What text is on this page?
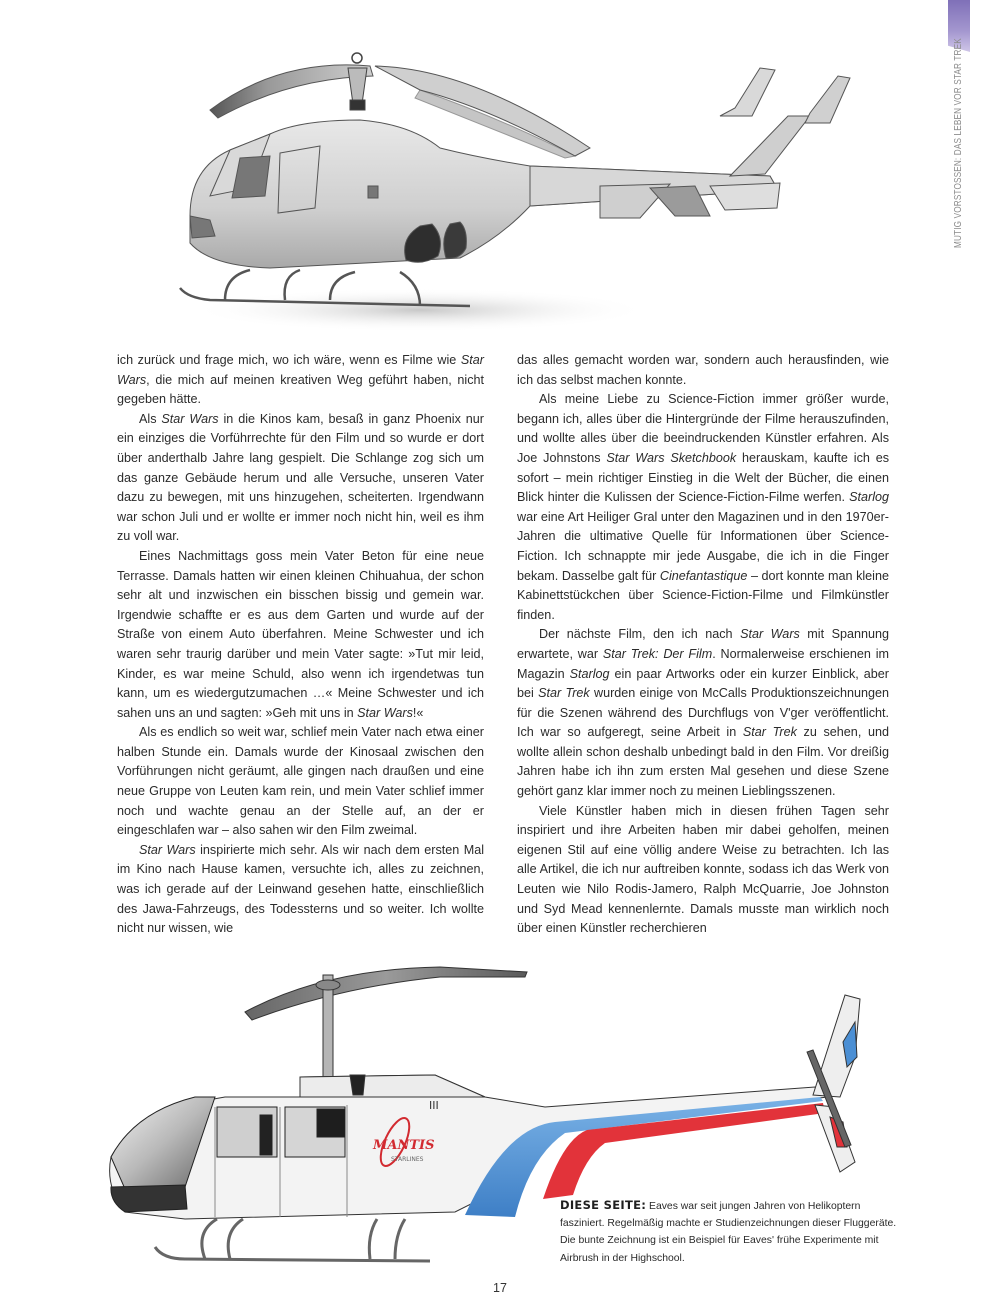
MUTIG VORSTOSSEN: DAS LEBEN VOR STAR TREK

ich zurück und frage mich, wo ich wäre, wenn es Filme wie Star Wars, die mich auf meinen kreativen Weg geführt haben, nicht gegeben hätte.

Als Star Wars in die Kinos kam, besaß in ganz Phoenix nur ein einziges die Vorführrechte für den Film und so wurde er dort über anderthalb Jahre lang gespielt. Die Schlange zog sich um das ganze Gebäude herum und alle Versuche, unseren Vater dazu zu bewegen, mit uns hinzugehen, scheiterten. Irgendwann war schon Juli und er wollte er immer noch nicht hin, weil es ihm zu voll war.

Eines Nachmittags goss mein Vater Beton für eine neue Terrasse. Damals hatten wir einen kleinen Chihuahua, der schon sehr alt und inzwischen ein bisschen bissig und gemein war. Irgendwie schaffte er es aus dem Garten und wurde auf der Straße von einem Auto überfahren. Meine Schwester und ich waren sehr traurig darüber und mein Vater sagte: »Tut mir leid, Kinder, es war meine Schuld, also wenn ich irgendetwas tun kann, um es wiedergutzumachen …« Meine Schwester und ich sahen uns an und sagten: »Geh mit uns in Star Wars!«

Als es endlich so weit war, schlief mein Vater nach etwa einer halben Stunde ein. Damals wurde der Kinosaal zwischen den Vorführungen nicht geräumt, alle gingen nach draußen und eine neue Gruppe von Leuten kam rein, und mein Vater schlief immer noch und wachte genau an der Stelle auf, an der er eingeschlafen war – also sahen wir den Film zweimal.

Star Wars inspirierte mich sehr. Als wir nach dem ersten Mal im Kino nach Hause kamen, versuchte ich, alles zu zeichnen, was ich gerade auf der Leinwand gesehen hatte, einschließlich des Jawa-Fahrzeugs, des Todessterns und so weiter. Ich wollte nicht nur wissen, wie

das alles gemacht worden war, sondern auch herausfinden, wie ich das selbst machen konnte.

Als meine Liebe zu Science-Fiction immer größer wurde, begann ich, alles über die Hintergründe der Filme herauszufinden, und wollte alles über die beeindruckenden Künstler erfahren. Als Joe Johnstons Star Wars Sketchbook herauskam, kaufte ich es sofort – mein richtiger Einstieg in die Welt der Bücher, die einen Blick hinter die Kulissen der Science-Fiction-Filme werfen. Starlog war eine Art Heiliger Gral unter den Magazinen und in den 1970er-Jahren die ultimative Quelle für Informationen über Science-Fiction. Ich schnappte mir jede Ausgabe, die ich in die Finger bekam. Dasselbe galt für Cinefantastique – dort konnte man kleine Kabinettstückchen über Science-Fiction-Filme und Filmkünstler finden.

Der nächste Film, den ich nach Star Wars mit Spannung erwartete, war Star Trek: Der Film. Normalerweise erschienen im Magazin Starlog ein paar Artworks oder ein kurzer Einblick, aber bei Star Trek wurden einige von McCalls Produktionszeichnungen für die Szenen während des Durchflugs von V'ger veröffentlicht. Ich war so aufgeregt, seine Arbeit in Star Trek zu sehen, und wollte allein schon deshalb unbedingt bald in den Film. Vor dreißig Jahren habe ich ihn zum ersten Mal gesehen und diese Szene gehört ganz klar immer noch zu meinen Lieblingsszenen.

Viele Künstler haben mich in diesen frühen Tagen sehr inspiriert und ihre Arbeiten haben mir dabei geholfen, meinen eigenen Stil auf eine völlig andere Weise zu betrachten. Ich las alle Artikel, die ich nur auftreiben konnte, sodass ich das Werk von Leuten wie Nilo Rodis-Jamero, Ralph McQuarrie, Joe Johnston und Syd Mead kennenlernte. Damals musste man wirklich noch über einen Künstler recherchieren

MANTIS
STARLINES
III
DIESE SEITE: Eaves war seit jungen Jahren von Helikoptern fasziniert. Regelmäßig machte er Studienzeichnungen dieser Fluggeräte. Die bunte Zeichnung ist ein Beispiel für Eaves' frühe Experimente mit Airbrush in der Highschool.
17
